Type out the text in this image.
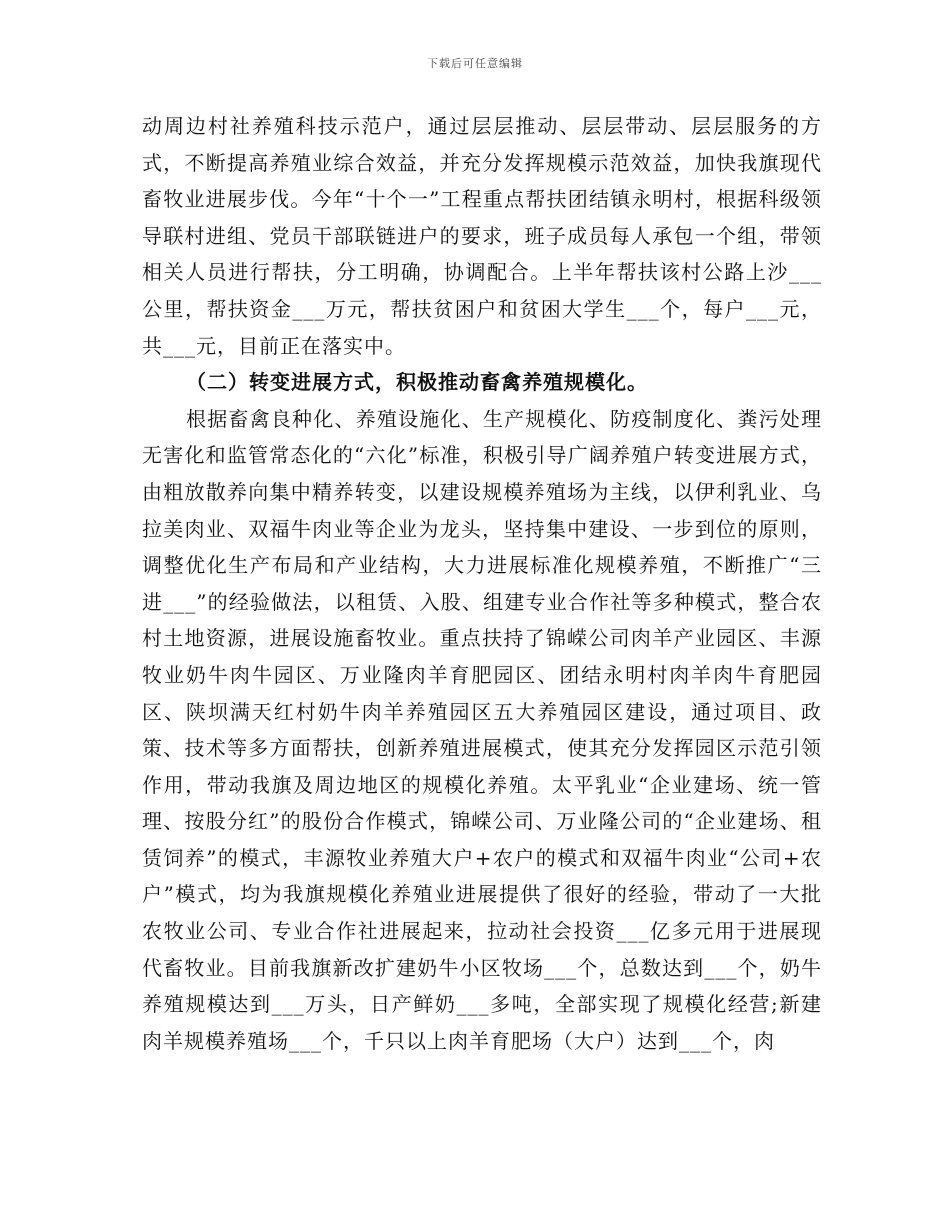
下载后可任意编辑

动周边村社养殖科技示范户，通过层层推动、层层带动、层层服务的方式，不断提高养殖业综合效益，并充分发挥规模示范效益，加快我旗现代畜牧业进展步伐。今年“十个一”工程重点帮扶团结镇永明村，根据科级领导联村进组、党员干部联链进户的要求，班子成员每人承包一个组，带领相关人员进行帮扶，分工明确，协调配合。上半年帮扶该村公路上沙___公里，帮扶资金___万元，帮扶贫困户和贫困大学生___个，每户___元，共___元，目前正在落实中。

（二）转变进展方式，积极推动畜禽养殖规模化。

根据畜禽良种化、养殖设施化、生产规模化、防疫制度化、粪污处理无害化和监管常态化的“六化”标准，积极引导广阔养殖户转变进展方式，由粗放散养向集中精养转变，以建设规模养殖场为主线，以伊利乳业、乌拉美肉业、双福牛肉业等企业为龙头，坚持集中建设、一步到位的原则，调整优化生产布局和产业结构，大力进展标准化规模养殖，不断推广“三进___”的经验做法，以租赁、入股、组建专业合作社等多种模式，整合农村土地资源，进展设施畜牧业。重点扶持了锦嵘公司肉羊产业园区、丰源牧业奶牛肉牛园区、万业隆肉羊育肥园区、团结永明村肉羊肉牛育肥园区、陕坝满天红村奶牛肉羊养殖园区五大养殖园区建设，通过项目、政策、技术等多方面帮扶，创新养殖进展模式，使其充分发挥园区示范引领作用，带动我旗及周边地区的规模化养殖。太平乳业“企业建场、统一管理、按股分红”的股份合作模式，锦嵘公司、万业隆公司的“企业建场、租赁饲养”的模式，丰源牧业养殖大户+农户的模式和双福牛肉业“公司+农户”模式，均为我旗规模化养殖业进展提供了很好的经验，带动了一大批农牧业公司、专业合作社进展起来，拉动社会投资___亿多元用于进展现代畜牧业。目前我旗新改扩建奶牛小区牧场___个，总数达到___个，奶牛养殖规模达到___万头，日产鲜奶___多吨，全部实现了规模化经营;新建肉羊规模养殖场___个，千只以上肉羊育肥场（大户）达到___个，肉
